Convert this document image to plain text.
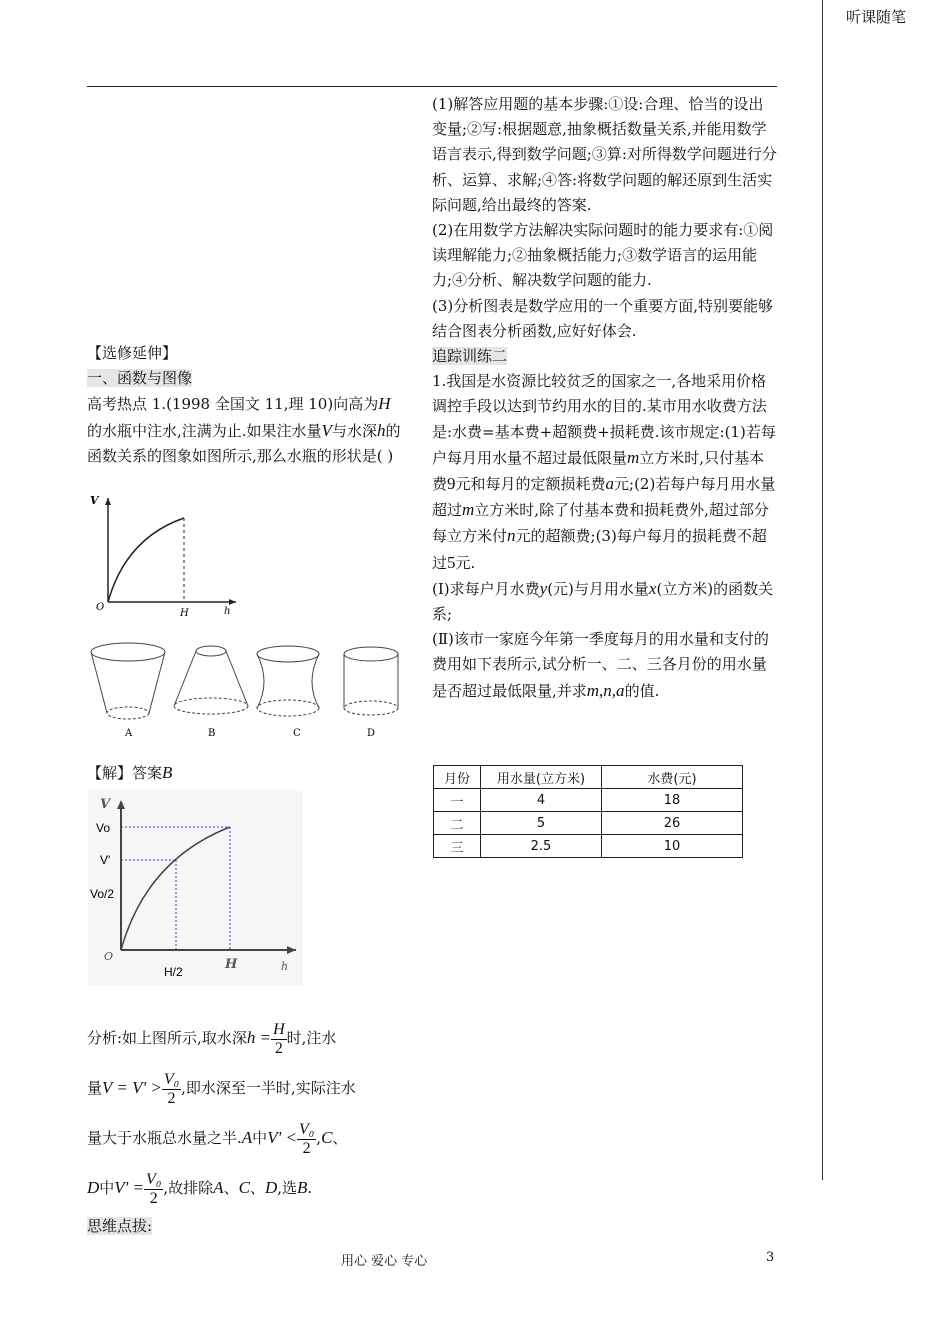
听课随笔

(1)解答应用题的基本步骤:①设:合理、恰当的设出变量;②写:根据题意,抽象概括数量关系,并能用数学语言表示,得到数学问题;③算:对所得数学问题进行分析、运算、求解;④答:将数学问题的解还原到生活实际问题,给出最终的答案.

(2)在用数学方法解决实际问题时的能力要求有:①阅读理解能力;②抽象概括能力;③数学语言的运用能力;④分析、解决数学问题的能力.

(3)分析图表是数学应用的一个重要方面,特别要能够结合图表分析函数,应好好体会.

追踪训练二

1.我国是水资源比较贫乏的国家之一,各地采用价格调控手段以达到节约用水的目的.某市用水收费方法是:水费=基本费+超额费+损耗费.该市规定:(1)若每户每月用水量不超过最低限量m立方米时,只付基本费9元和每月的定额损耗费a元;(2)若每户每月用水量超过m立方米时,除了付基本费和损耗费外,超过部分每立方米付n元的超额费;(3)每户每月的损耗费不超过5元.

(Ⅰ)求每户月水费y(元)与月用水量x(立方米)的函数关系;

(Ⅱ)该市一家庭今年第一季度每月的用水量和支付的费用如下表所示,试分析一、二、三各月份的用水量是否超过最低限量,并求m,n,a的值.

月份	用水量(立方米)	水费(元)
一	4	18
二	5	26
三	2.5	10

【选修延伸】

一、函数与图像

高考热点 1.(1998 全国文 11,理 10)向高为H的水瓶中注水,注满为止.如果注水量V与水深h的函数关系的图象如图所示,那么水瓶的形状是( )

V
O
H	h
A	B	C	D

【解】答案B

V
Vo
V'
Vo/2
O
H/2	H	h
分析:如上图所示,取水深$h = \frac{H}{2}$ 时,注水
量$V = V' > \frac{\text{V₀}}{2}$ ,即水深至一半时,实际注水
量大于水瓶总水量之半.A中$V' < \frac{\text{V₀}}{2} ,C$、
D中$V' = \frac{\text{V₀}}{2}$ ,故排除A、C、D,选B.
思维点拔:
用心 爱心 专心	3
